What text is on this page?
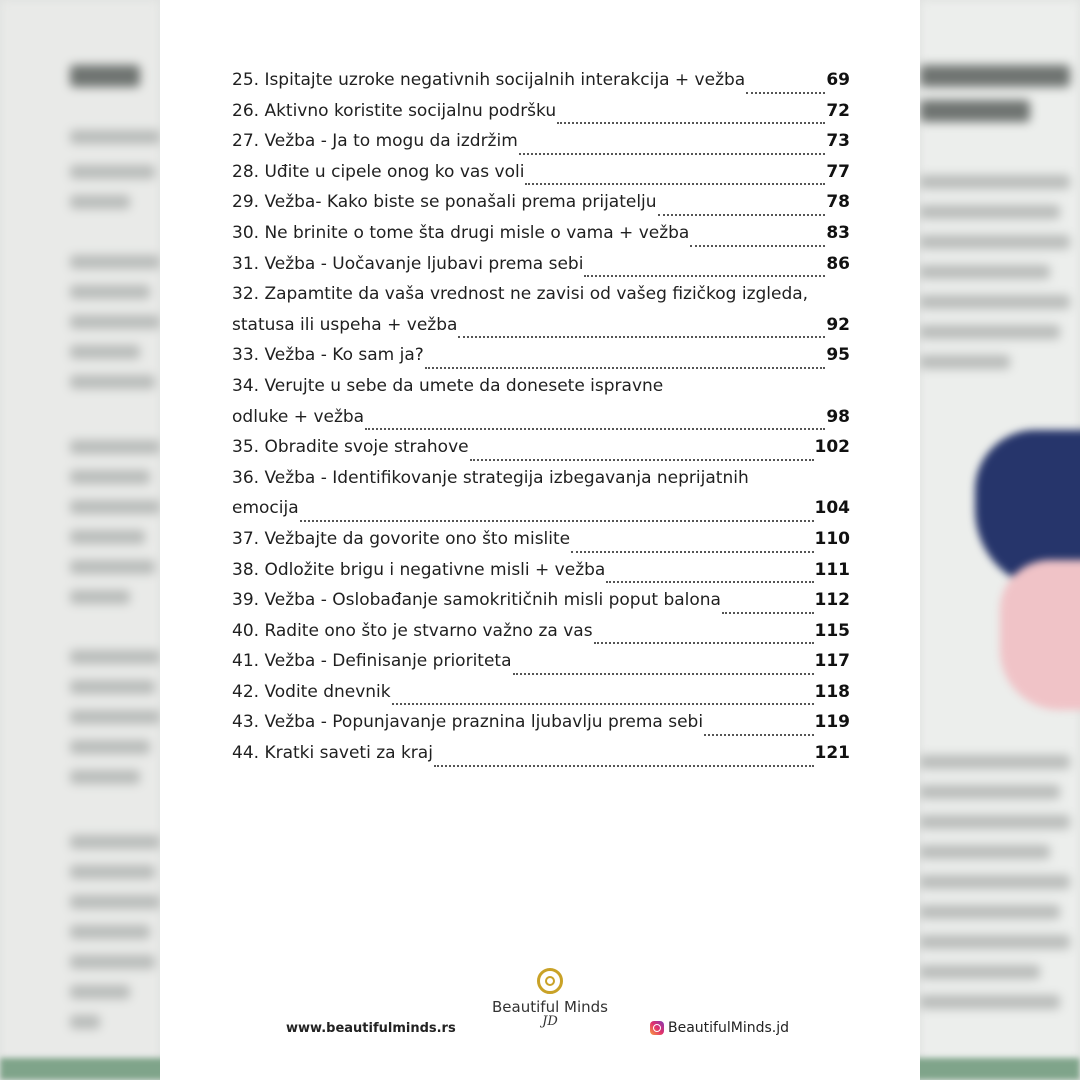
25. Ispitajte uzroke negativnih socijalnih interakcija + vežba	69
26. Aktivno koristite socijalnu podršku	72
27. Vežba - Ja to mogu da izdržim	73
28. Uđite u cipele onog ko vas voli	77
29. Vežba- Kako biste se ponašali prema prijatelju	78
30. Ne brinite o tome šta drugi misle o vama + vežba	83
31. Vežba - Uočavanje ljubavi prema sebi	86
32. Zapamtite da vaša vrednost ne zavisi od vašeg fizičkog izgleda,
statusa ili uspeha + vežba	92
33. Vežba - Ko sam ja?	95
34. Verujte u sebe da umete da donesete ispravne
odluke + vežba	98
35. Obradite svoje strahove	102
36. Vežba - Identifikovanje strategija izbegavanja neprijatnih
emocija	104
37. Vežbajte da govorite ono što mislite	110
38. Odložite brigu i negativne misli + vežba	111
39. Vežba - Oslobađanje samokritičnih misli poput balona	112
40. Radite ono što je stvarno važno za vas	115
41. Vežba - Definisanje prioriteta	117
42. Vodite dnevnik	118
43. Vežba - Popunjavanje praznina ljubavlju prema sebi	119
44. Kratki saveti za kraj	121
Beautiful Minds
JD
www.beautifulminds.rs	BeautifulMinds.jd
